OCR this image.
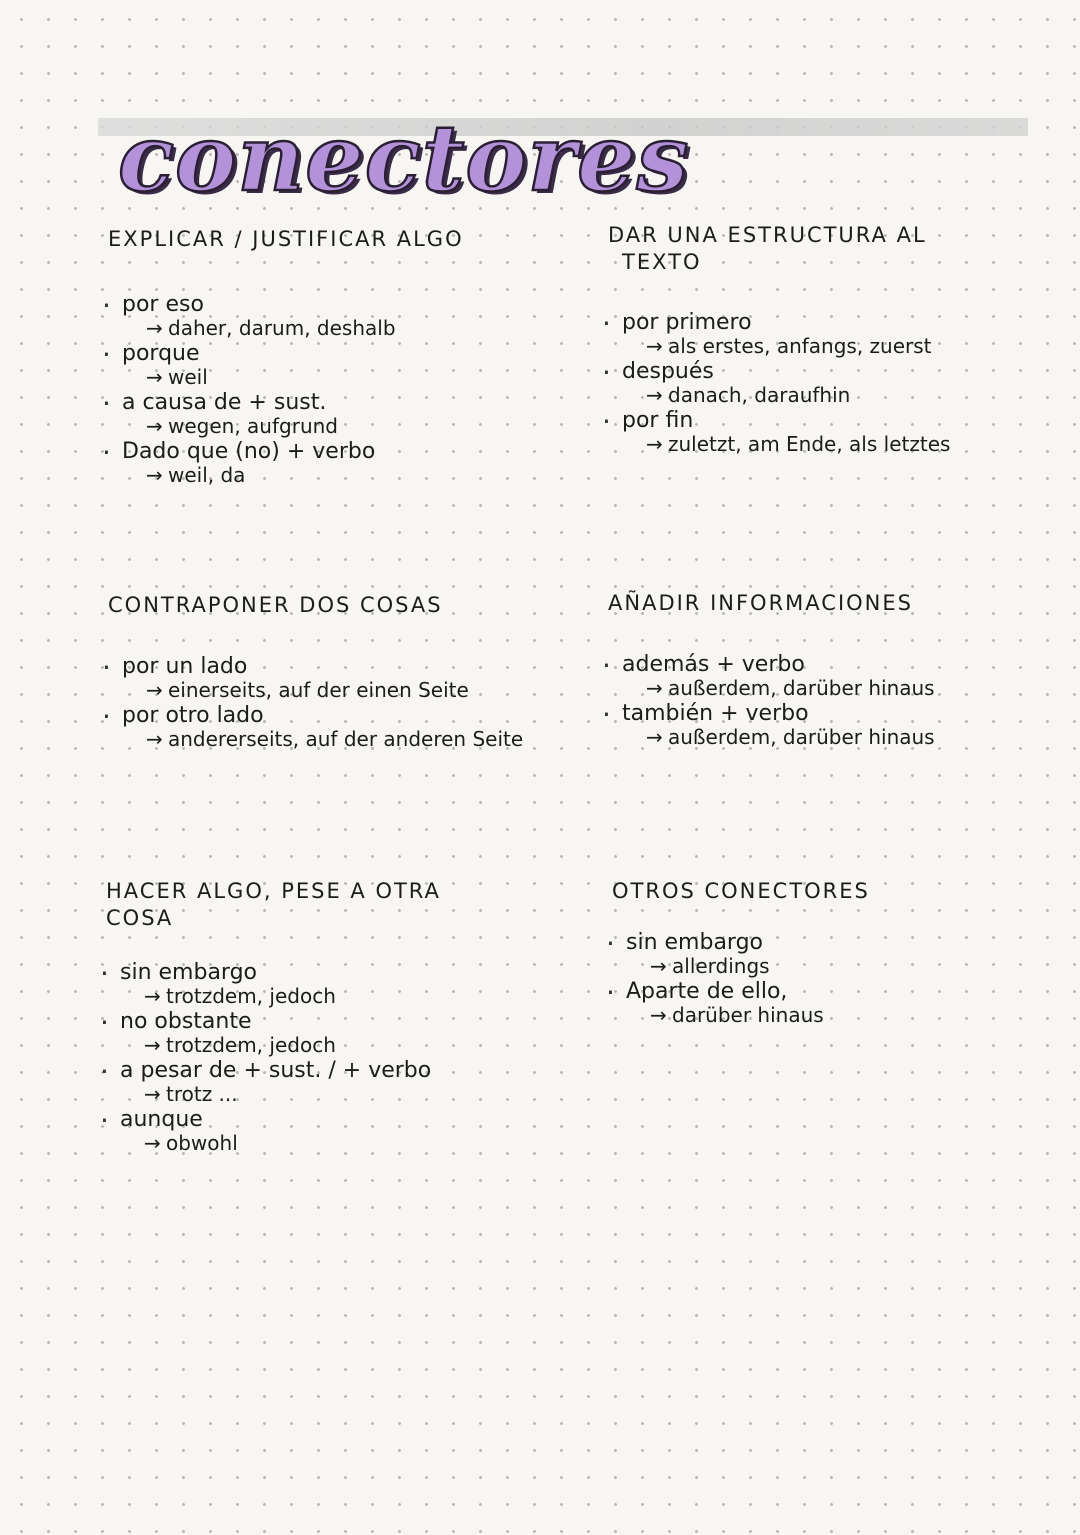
conectores
EXPLICAR / JUSTIFICAR ALGO
· por eso
→ daher, darum, deshalb
· porque
→ weil
· a causa de + sust.
→ wegen, aufgrund
· Dado que (no) + verbo
→ weil, da
DAR UNA ESTRUCTURA AL
TEXTO
· por primero
→ als erstes, anfangs, zuerst
· después
→ danach, daraufhin
· por fin
→ zuletzt, am Ende, als letztes
CONTRAPONER DOS COSAS
· por un lado
→ einerseits, auf der einen Seite
· por otro lado
→ andererseits, auf der anderen Seite
AÑADIR INFORMACIONES
· además + verbo
→ außerdem, darüber hinaus
· también + verbo
→ außerdem, darüber hinaus
HACER ALGO, PESE A OTRA
COSA
· sin embargo
→ trotzdem, jedoch
· no obstante
→ trotzdem, jedoch
· a pesar de + sust. / + verbo
→ trotz ...
· aunque
→ obwohl
OTROS CONECTORES
· sin embargo
→ allerdings
· Aparte de ello,
→ darüber hinaus
